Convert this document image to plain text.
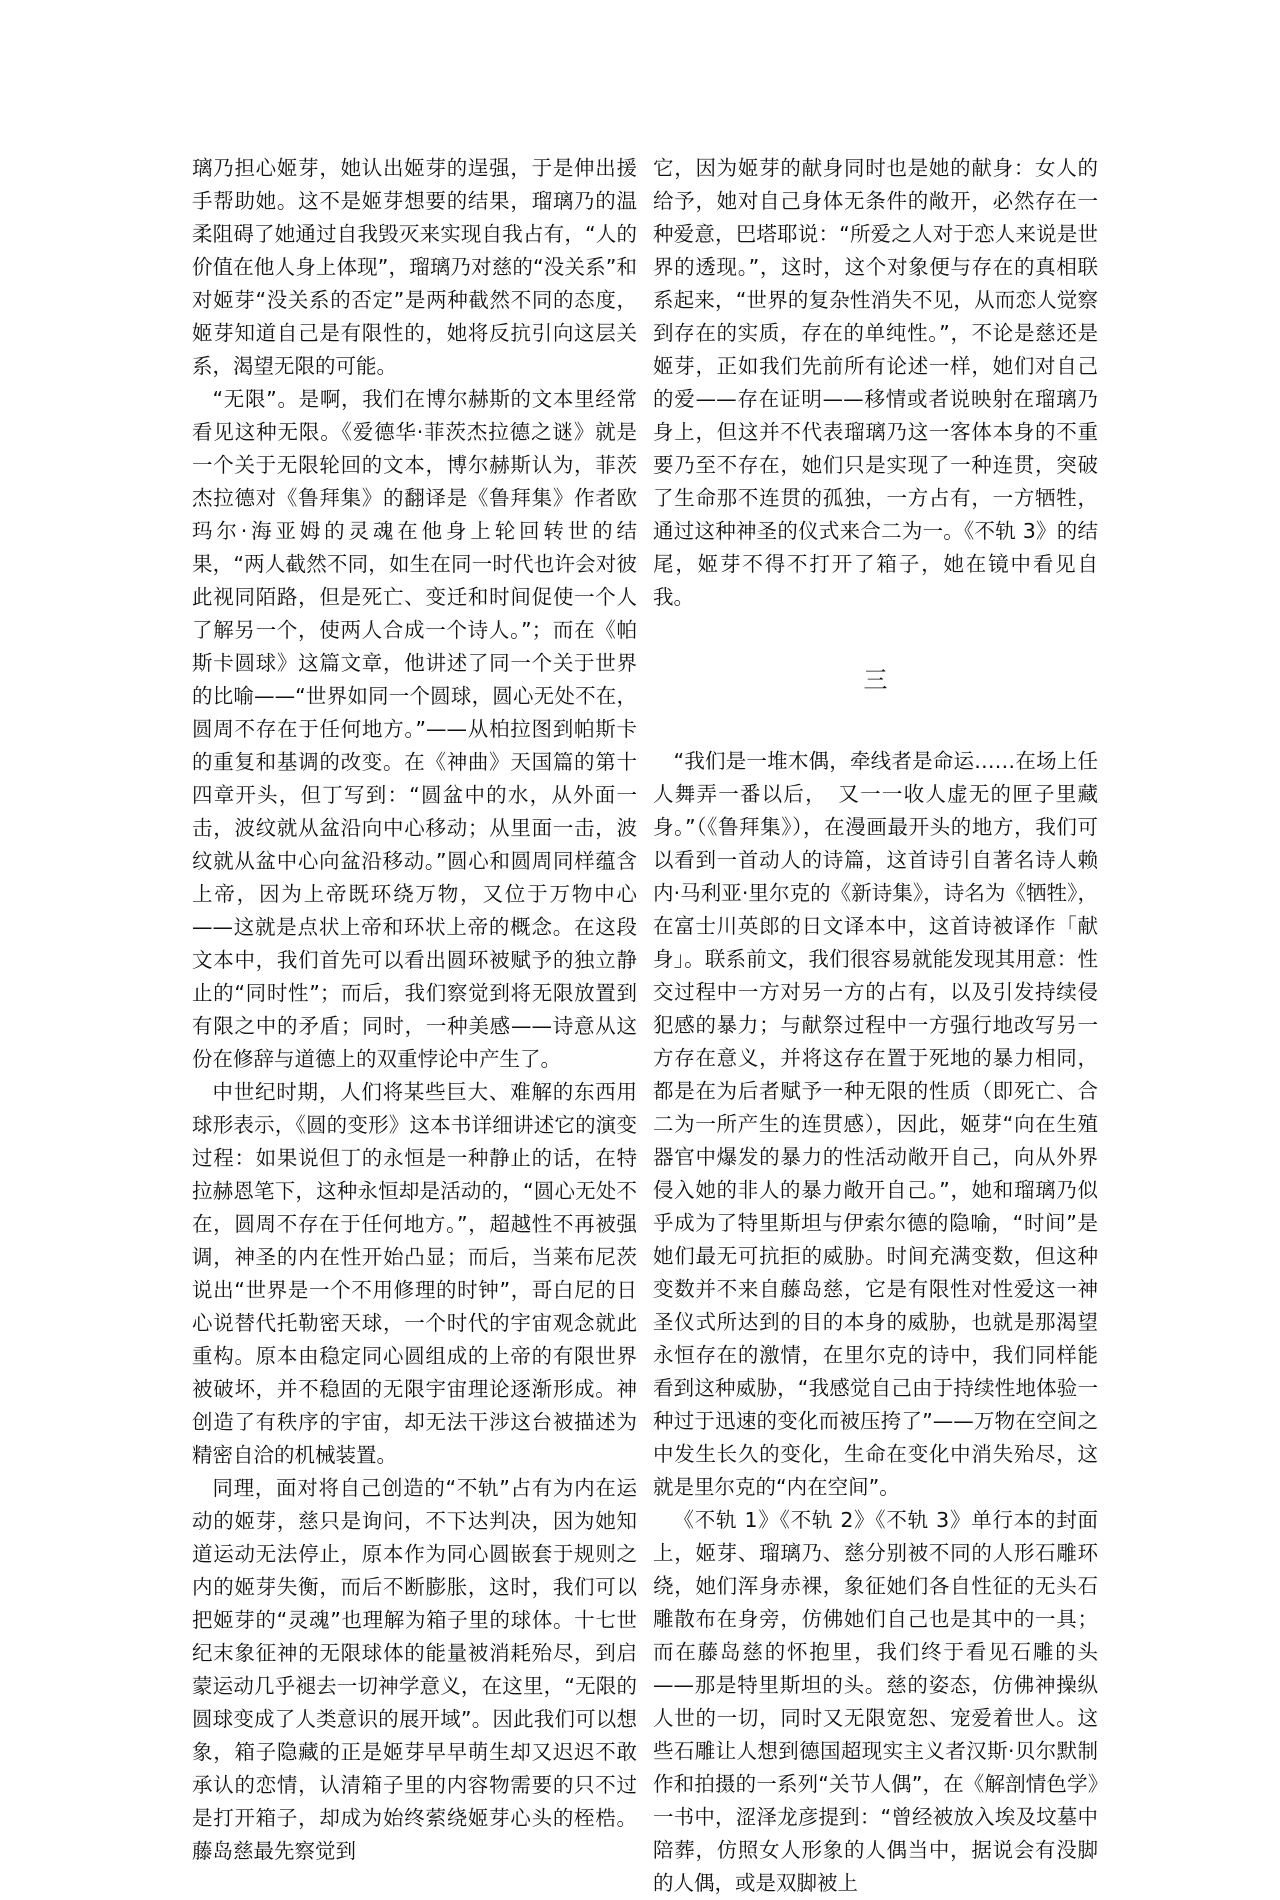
璃乃担心姬芽，她认出姬芽的逞强，于是伸出援手帮助她。这不是姬芽想要的结果，瑠璃乃的温柔阻碍了她通过自我毁灭来实现自我占有，“人的价值在他人身上体现”，瑠璃乃对慈的“没关系”和对姬芽“没关系的否定”是两种截然不同的态度，姬芽知道自己是有限性的，她将反抗引向这层关系，渴望无限的可能。

“无限”。是啊，我们在博尔赫斯的文本里经常看见这种无限。《爱德华·菲茨杰拉德之谜》就是一个关于无限轮回的文本，博尔赫斯认为，菲茨杰拉德对《鲁拜集》的翻译是《鲁拜集》作者欧玛尔·海亚姆的灵魂在他身上轮回转世的结果，“两人截然不同，如生在同一时代也许会对彼此视同陌路，但是死亡、变迁和时间促使一个人了解另一个，使两人合成一个诗人。”；而在《帕斯卡圆球》这篇文章，他讲述了同一个关于世界的比喻——“世界如同一个圆球，圆心无处不在，圆周不存在于任何地方。”——从柏拉图到帕斯卡的重复和基调的改变。在《神曲》天国篇的第十四章开头，但丁写到：“圆盆中的水，从外面一击，波纹就从盆沿向中心移动；从里面一击，波纹就从盆中心向盆沿移动。”圆心和圆周同样蕴含上帝，因为上帝既环绕万物，又位于万物中心——这就是点状上帝和环状上帝的概念。在这段文本中，我们首先可以看出圆环被赋予的独立静止的“同时性”；而后，我们察觉到将无限放置到有限之中的矛盾；同时，一种美感——诗意从这份在修辞与道德上的双重悖论中产生了。

中世纪时期，人们将某些巨大、难解的东西用球形表示，《圆的变形》这本书详细讲述它的演变过程：如果说但丁的永恒是一种静止的话，在特拉赫恩笔下，这种永恒却是活动的，“圆心无处不在，圆周不存在于任何地方。”，超越性不再被强调，神圣的内在性开始凸显；而后，当莱布尼茨说出“世界是一个不用修理的时钟”，哥白尼的日心说替代托勒密天球，一个时代的宇宙观念就此重构。原本由稳定同心圆组成的上帝的有限世界被破坏，并不稳固的无限宇宙理论逐渐形成。神创造了有秩序的宇宙，却无法干涉这台被描述为精密自洽的机械装置。

同理，面对将自己创造的“不轨”占有为内在运动的姬芽，慈只是询问，不下达判决，因为她知道运动无法停止，原本作为同心圆嵌套于规则之内的姬芽失衡，而后不断膨胀，这时，我们可以把姬芽的“灵魂”也理解为箱子里的球体。十七世纪末象征神的无限球体的能量被消耗殆尽，到启蒙运动几乎褪去一切神学意义，在这里，“无限的圆球变成了人类意识的展开域”。因此我们可以想象，箱子隐藏的正是姬芽早早萌生却又迟迟不敢承认的恋情，认清箱子里的内容物需要的只不过是打开箱子，却成为始终萦绕姬芽心头的桎梏。藤岛慈最先察觉到

它，因为姬芽的献身同时也是她的献身：女人的给予，她对自己身体无条件的敞开，必然存在一种爱意，巴塔耶说：“所爱之人对于恋人来说是世界的透现。”，这时，这个对象便与存在的真相联系起来，“世界的复杂性消失不见，从而恋人觉察到存在的实质，存在的单纯性。”，不论是慈还是姬芽，正如我们先前所有论述一样，她们对自己的爱——存在证明——移情或者说映射在瑠璃乃身上，但这并不代表瑠璃乃这一客体本身的不重要乃至不存在，她们只是实现了一种连贯，突破了生命那不连贯的孤独，一方占有，一方牺牲，通过这种神圣的仪式来合二为一。《不轨 3》的结尾，姬芽不得不打开了箱子，她在镜中看见自我。

三

“我们是一堆木偶，牵线者是命运……在场上任人舞弄一番以后，　又一一收人虚无的匣子里藏身。”（《鲁拜集》），在漫画最开头的地方，我们可以看到一首动人的诗篇，这首诗引自著名诗人赖内·马利亚·里尔克的《新诗集》，诗名为《牺牲》，在富士川英郎的日文译本中，这首诗被译作「献身」。联系前文，我们很容易就能发现其用意：性交过程中一方对另一方的占有，以及引发持续侵犯感的暴力；与献祭过程中一方强行地改写另一方存在意义，并将这存在置于死地的暴力相同，都是在为后者赋予一种无限的性质（即死亡、合二为一所产生的连贯感），因此，姬芽“向在生殖器官中爆发的暴力的性活动敞开自己，向从外界侵入她的非人的暴力敞开自己。”，她和瑠璃乃似乎成为了特里斯坦与伊索尔德的隐喻，“时间”是她们最无可抗拒的威胁。时间充满变数，但这种变数并不来自藤岛慈，它是有限性对性爱这一神圣仪式所达到的目的本身的威胁，也就是那渴望永恒存在的激情，在里尔克的诗中，我们同样能看到这种威胁，“我感觉自己由于持续性地体验一种过于迅速的变化而被压挎了”——万物在空间之中发生长久的变化，生命在变化中消失殆尽，这就是里尔克的“内在空间”。

《不轨 1》《不轨 2》《不轨 3》单行本的封面上，姬芽、瑠璃乃、慈分别被不同的人形石雕环绕，她们浑身赤裸，象征她们各自性征的无头石雕散布在身旁，仿佛她们自己也是其中的一具；而在藤岛慈的怀抱里，我们终于看见石雕的头——那是特里斯坦的头。慈的姿态，仿佛神操纵人世的一切，同时又无限宽恕、宠爱着世人。这些石雕让人想到德国超现实主义者汉斯·贝尔默制作和拍摄的一系列“关节人偶”，在《解剖情色学》一书中，涩泽龙彦提到：“曾经被放入埃及坟墓中陪葬，仿照女人形象的人偶当中，据说会有没脚的人偶，或是双脚被上
